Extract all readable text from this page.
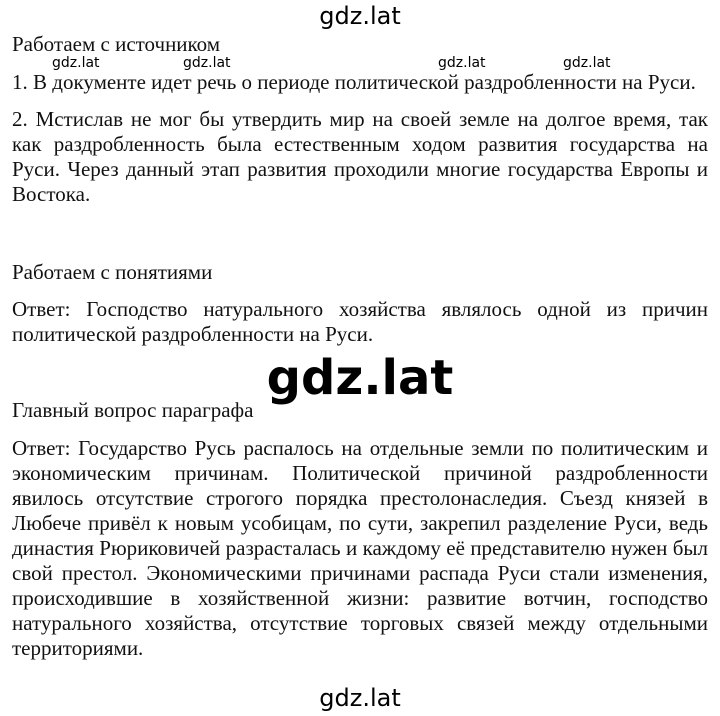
gdz.lat

Работаем с источником

gdz.lat	gdz.lat	gdz.lat	gdz.lat

1. В документе идет речь о периоде политической раздробленности на Руси.

2. Мстислав не мог бы утвердить мир на своей земле на долгое время, так как раздробленность была естественным ходом развития государства на Руси. Через данный этап развития проходили многие государства Европы и Востока.

Работаем с понятиями

Ответ: Господство натурального хозяйства являлось одной из причин политической раздробленности на Руси.

gdz.lat

Главный вопрос параграфа

Ответ: Государство Русь распалось на отдельные земли по политическим и экономическим причинам. Политической причиной раздробленности явилось отсутствие строгого порядка престолонаследия. Съезд князей в Любече привёл к новым усобицам, по сути, закрепил разделение Руси, ведь династия Рюриковичей разрасталась и каждому её представителю нужен был свой престол. Экономическими причинами распада Руси стали изменения, происходившие в хозяйственной жизни: развитие вотчин, господство натурального хозяйства, отсутствие торговых связей между отдельными территориями.

gdz.lat
